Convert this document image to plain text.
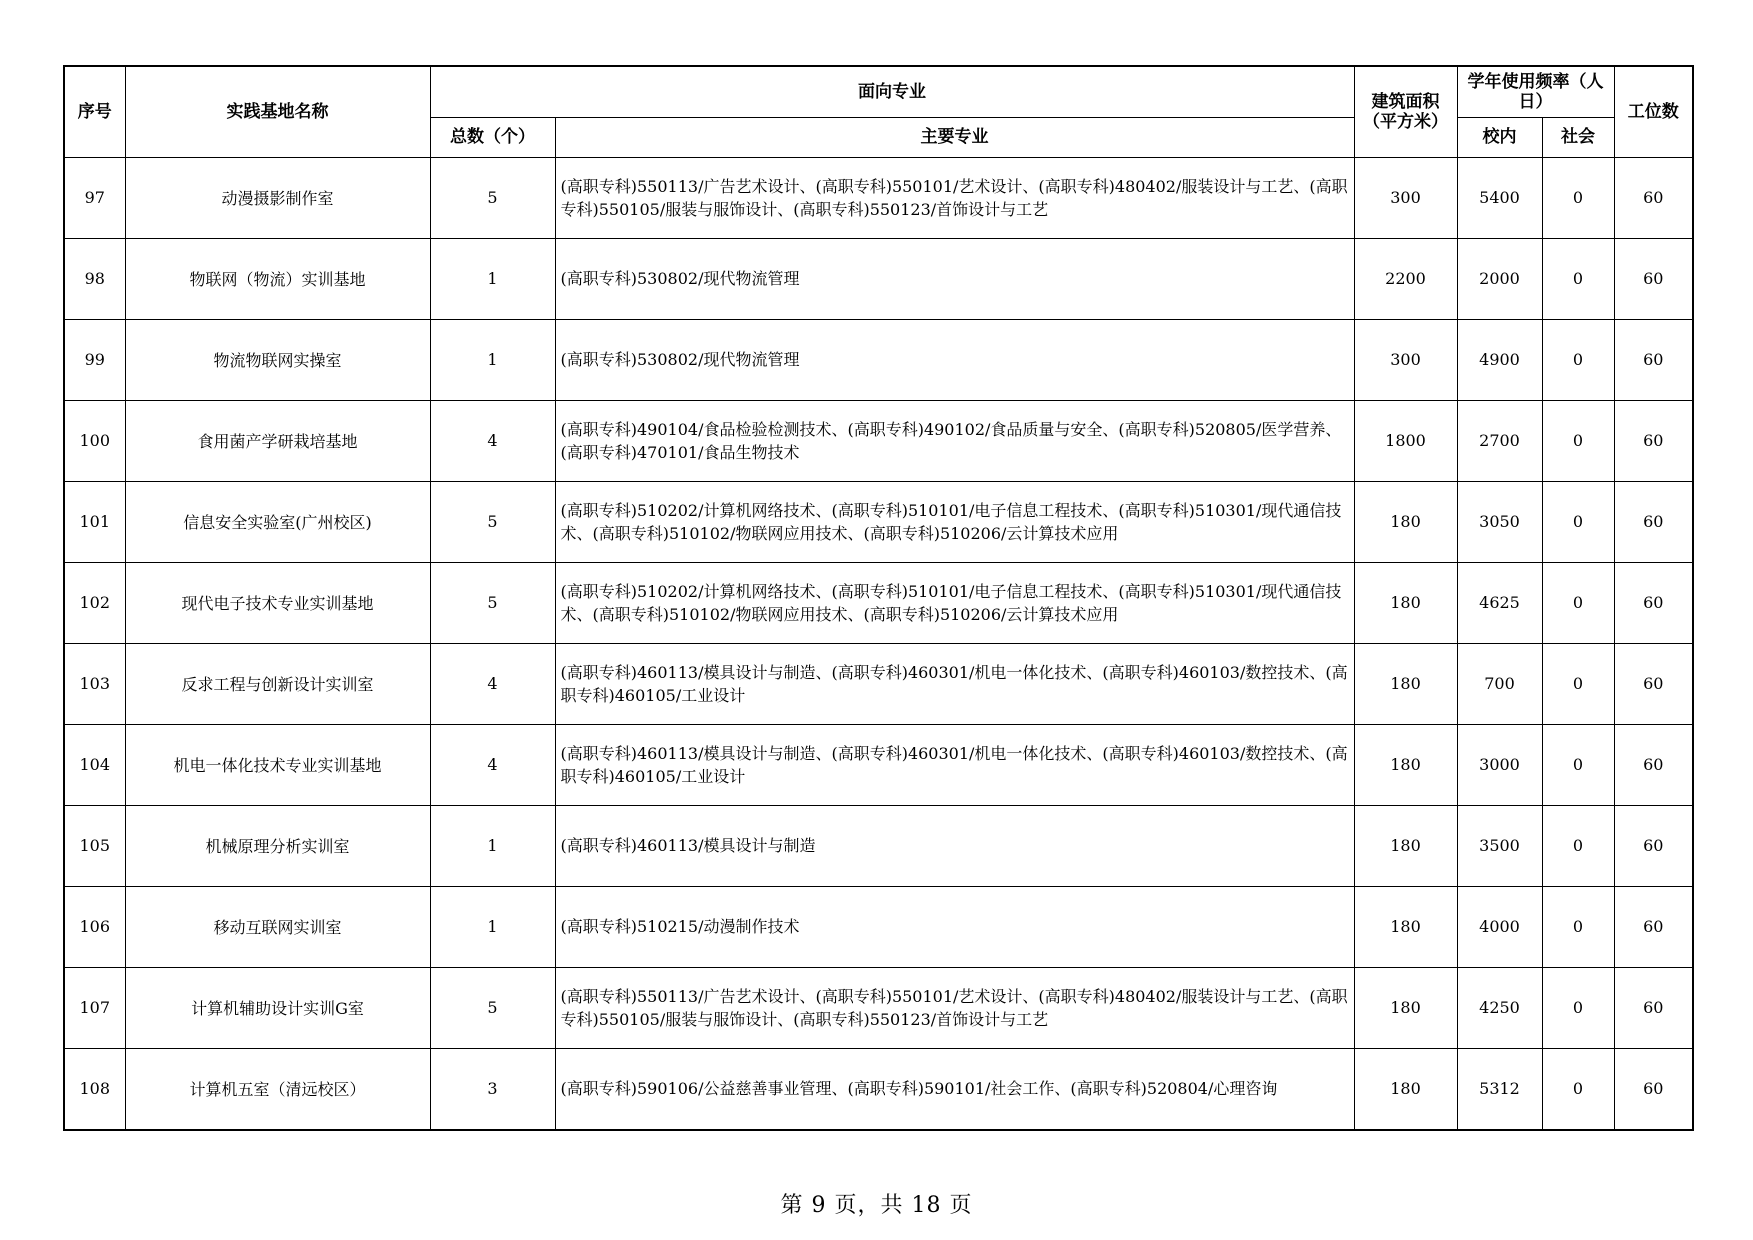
序号	实践基地名称	面向专业		建筑面积（平方米）	学年使用频率（人日）		工位数
		总数（个）	主要专业		校内	社会	
97	动漫摄影制作室	5	(高职专科)550113/广告艺术设计、(高职专科)550101/艺术设计、(高职专科)480402/服装设计与工艺、(高职专科)550105/服装与服饰设计、(高职专科)550123/首饰设计与工艺	300	5400	0	60
98	物联网（物流）实训基地	1	(高职专科)530802/现代物流管理	2200	2000	0	60
99	物流物联网实操室	1	(高职专科)530802/现代物流管理	300	4900	0	60
100	食用菌产学研栽培基地	4	(高职专科)490104/食品检验检测技术、(高职专科)490102/食品质量与安全、(高职专科)520805/医学营养、(高职专科)470101/食品生物技术	1800	2700	0	60
101	信息安全实验室(广州校区)	5	(高职专科)510202/计算机网络技术、(高职专科)510101/电子信息工程技术、(高职专科)510301/现代通信技术、(高职专科)510102/物联网应用技术、(高职专科)510206/云计算技术应用	180	3050	0	60
102	现代电子技术专业实训基地	5	(高职专科)510202/计算机网络技术、(高职专科)510101/电子信息工程技术、(高职专科)510301/现代通信技术、(高职专科)510102/物联网应用技术、(高职专科)510206/云计算技术应用	180	4625	0	60
103	反求工程与创新设计实训室	4	(高职专科)460113/模具设计与制造、(高职专科)460301/机电一体化技术、(高职专科)460103/数控技术、(高职专科)460105/工业设计	180	700	0	60
104	机电一体化技术专业实训基地	4	(高职专科)460113/模具设计与制造、(高职专科)460301/机电一体化技术、(高职专科)460103/数控技术、(高职专科)460105/工业设计	180	3000	0	60
105	机械原理分析实训室	1	(高职专科)460113/模具设计与制造	180	3500	0	60
106	移动互联网实训室	1	(高职专科)510215/动漫制作技术	180	4000	0	60
107	计算机辅助设计实训G室	5	(高职专科)550113/广告艺术设计、(高职专科)550101/艺术设计、(高职专科)480402/服装设计与工艺、(高职专科)550105/服装与服饰设计、(高职专科)550123/首饰设计与工艺	180	4250	0	60
108	计算机五室（清远校区）	3	(高职专科)590106/公益慈善事业管理、(高职专科)590101/社会工作、(高职专科)520804/心理咨询	180	5312	0	60
第 9 页，共 18 页
